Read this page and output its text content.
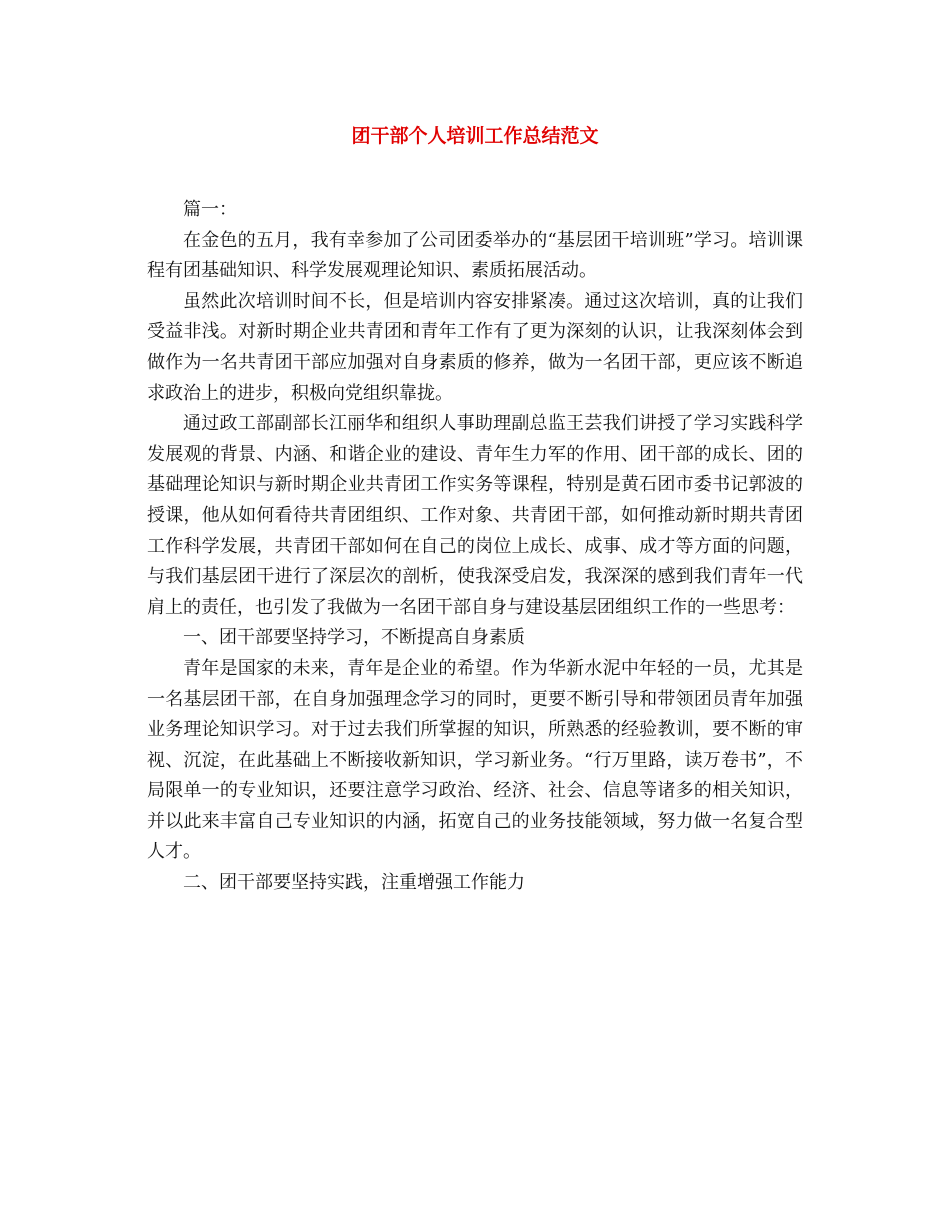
团干部个人培训工作总结范文

篇一：

在金色的五月，我有幸参加了公司团委举办的“基层团干培训班”学习。培训课程有团基础知识、科学发展观理论知识、素质拓展活动。

虽然此次培训时间不长，但是培训内容安排紧凑。通过这次培训，真的让我们受益非浅。对新时期企业共青团和青年工作有了更为深刻的认识，让我深刻体会到做作为一名共青团干部应加强对自身素质的修养，做为一名团干部，更应该不断追求政治上的进步，积极向党组织靠拢。

通过政工部副部长江丽华和组织人事助理副总监王芸我们讲授了学习实践科学发展观的背景、内涵、和谐企业的建设、青年生力军的作用、团干部的成长、团的基础理论知识与新时期企业共青团工作实务等课程，特别是黄石团市委书记郭波的授课，他从如何看待共青团组织、工作对象、共青团干部，如何推动新时期共青团工作科学发展，共青团干部如何在自己的岗位上成长、成事、成才等方面的问题，与我们基层团干进行了深层次的剖析，使我深受启发，我深深的感到我们青年一代肩上的责任，也引发了我做为一名团干部自身与建设基层团组织工作的一些思考：

一、团干部要坚持学习，不断提高自身素质

青年是国家的未来，青年是企业的希望。作为华新水泥中年轻的一员，尤其是一名基层团干部，在自身加强理念学习的同时，更要不断引导和带领团员青年加强业务理论知识学习。对于过去我们所掌握的知识，所熟悉的经验教训，要不断的审视、沉淀，在此基础上不断接收新知识，学习新业务。“行万里路，读万卷书”，不局限单一的专业知识，还要注意学习政治、经济、社会、信息等诸多的相关知识，并以此来丰富自己专业知识的内涵，拓宽自己的业务技能领域，努力做一名复合型人才。

二、团干部要坚持实践，注重增强工作能力
